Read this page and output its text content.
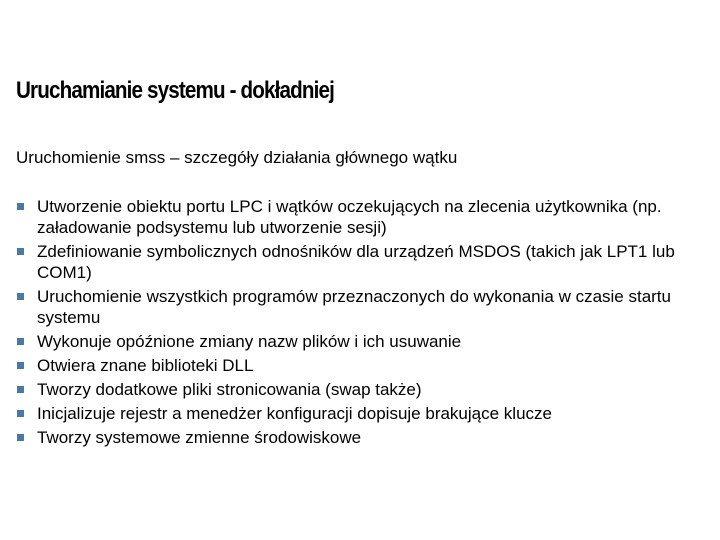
Uruchamianie systemu - dokładniej

Uruchomienie smss – szczegóły działania głównego wątku

Utworzenie obiektu portu LPC i wątków oczekujących na zlecenia użytkownika (np. załadowanie podsystemu lub utworzenie sesji)
Zdefiniowanie symbolicznych odnośników dla urządzeń MSDOS (takich jak LPT1 lub COM1)
Uruchomienie wszystkich programów przeznaczonych do wykonania w czasie startu systemu
Wykonuje opóźnione zmiany nazw plików i ich usuwanie
Otwiera znane biblioteki DLL
Tworzy dodatkowe pliki stronicowania (swap także)
Inicjalizuje rejestr a menedżer konfiguracji dopisuje brakujące klucze
Tworzy systemowe zmienne środowiskowe
